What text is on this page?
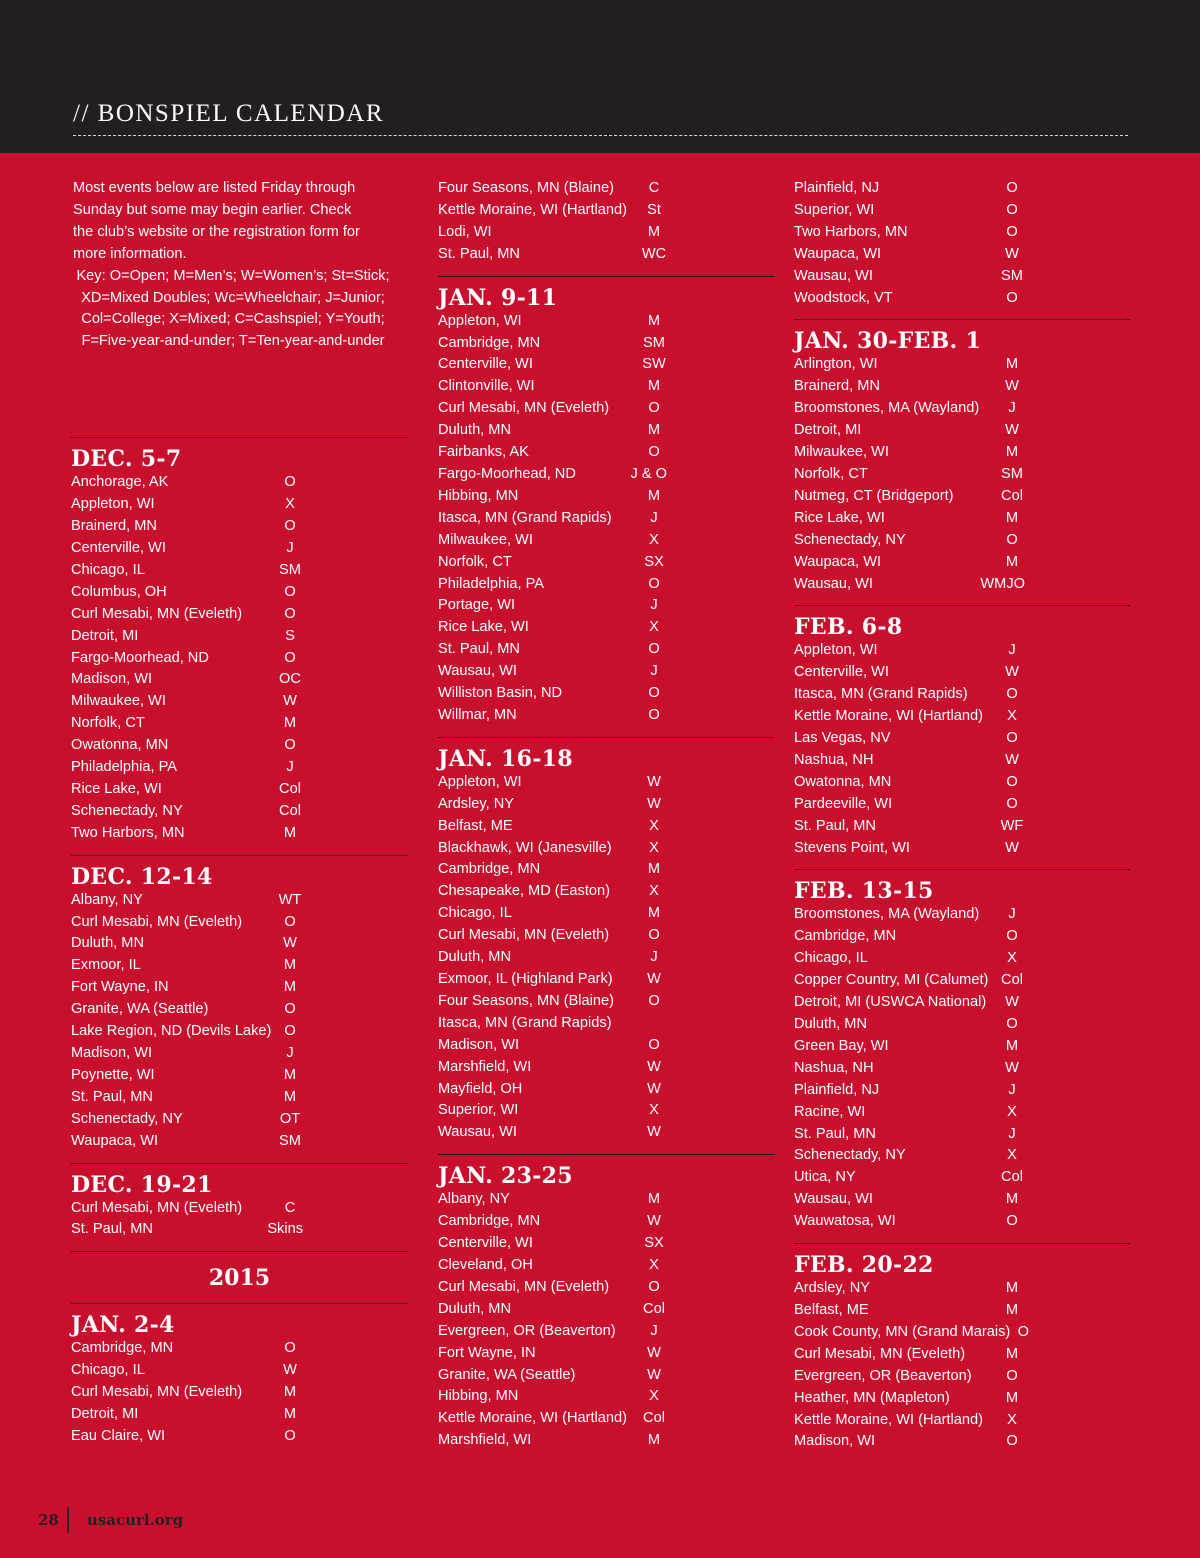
// BONSPIEL CALENDAR

Most events below are listed Friday through Sunday but some may begin earlier. Check the club’s website or the registration form for more information.

Key: O=Open; M=Men’s; W=Women’s; St=Stick; XD=Mixed Doubles; Wc=Wheelchair; J=Junior; Col=College; X=Mixed; C=Cashspiel; Y=Youth; F=Five-year-and-under; T=Ten-year-and-under

DEC. 5-7
Anchorage, AK	O
Appleton, WI	X
Brainerd, MN	O
Centerville, WI	J
Chicago, IL	SM
Columbus, OH	O
Curl Mesabi, MN (Eveleth)	O
Detroit, MI	S
Fargo-Moorhead, ND	O
Madison, WI	OC
Milwaukee, WI	W
Norfolk, CT	M
Owatonna, MN	O
Philadelphia, PA	J
Rice Lake, WI	Col
Schenectady, NY	Col
Two Harbors, MN	M
DEC. 12-14
Albany, NY	WT
Curl Mesabi, MN (Eveleth)	O
Duluth, MN	W
Exmoor, IL	M
Fort Wayne, IN	M
Granite, WA (Seattle)	O
Lake Region, ND (Devils Lake) O
Madison, WI	J
Poynette, WI	M
St. Paul, MN	M
Schenectady, NY	OT
Waupaca, WI	SM
DEC. 19-21
Curl Mesabi, MN (Eveleth)	C
St. Paul, MN	Skins
2015
JAN. 2-4
Cambridge, MN	O
Chicago, IL	W
Curl Mesabi, MN (Eveleth)	M
Detroit, MI	M
Eau Claire, WI	O
Four Seasons, MN (Blaine)	C
Kettle Moraine, WI (Hartland)	St
Lodi, WI	M
St. Paul, MN	WC
JAN. 9-11
Appleton, WI	M
Cambridge, MN	SM
Centerville, WI	SW
Clintonville, WI	M
Curl Mesabi, MN (Eveleth)	O
Duluth, MN	M
Fairbanks, AK	O
Fargo-Moorhead, ND	J & O
Hibbing, MN	M
Itasca, MN (Grand Rapids)	J
Milwaukee, WI	X
Norfolk, CT	SX
Philadelphia, PA	O
Portage, WI	J
Rice Lake, WI	X
St. Paul, MN	O
Wausau, WI	J
Williston Basin, ND	O
Willmar, MN	O
JAN. 16-18
Appleton, WI	W
Ardsley, NY	W
Belfast, ME	X
Blackhawk, WI (Janesville)	X
Cambridge, MN	M
Chesapeake, MD (Easton)	X
Chicago, IL	M
Curl Mesabi, MN (Eveleth)	O
Duluth, MN	J
Exmoor, IL (Highland Park)	W
Four Seasons, MN (Blaine)	O
Itasca, MN (Grand Rapids)
Madison, WI	O
Marshfield, WI	W
Mayfield, OH	W
Superior, WI	X
Wausau, WI	W
JAN. 23-25
Albany, NY	M
Cambridge, MN	W
Centerville, WI	SX
Cleveland, OH	X
Curl Mesabi, MN (Eveleth)	O
Duluth, MN	Col
Evergreen, OR (Beaverton)	J
Fort Wayne, IN	W
Granite, WA (Seattle)	W
Hibbing, MN	X
Kettle Moraine, WI (Hartland)	Col
Marshfield, WI	M
Plainfield, NJ	O
Superior, WI	O
Two Harbors, MN	O
Waupaca, WI	W
Wausau, WI	SM
Woodstock, VT	O
JAN. 30-FEB. 1
Arlington, WI	M
Brainerd, MN	W
Broomstones, MA (Wayland)	J
Detroit, MI	W
Milwaukee, WI	M
Norfolk, CT	SM
Nutmeg, CT (Bridgeport)	Col
Rice Lake, WI	M
Schenectady, NY	O
Waupaca, WI	M
Wausau, WI	WMJO
FEB. 6-8
Appleton, WI	J
Centerville, WI	W
Itasca, MN (Grand Rapids)	O
Kettle Moraine, WI (Hartland)	X
Las Vegas, NV	O
Nashua, NH	W
Owatonna, MN	O
Pardeeville, WI	O
St. Paul, MN	WF
Stevens Point, WI	W
FEB. 13-15
Broomstones, MA (Wayland)	J
Cambridge, MN	O
Chicago, IL	X
Copper Country, MI (Calumet) Col
Detroit, MI (USWCA National)	W
Duluth, MN	O
Green Bay, WI	M
Nashua, NH	W
Plainfield, NJ	J
Racine, WI	X
St. Paul, MN	J
Schenectady, NY	X
Utica, NY	Col
Wausau, WI	M
Wauwatosa, WI	O
FEB. 20-22
Ardsley, NY	M
Belfast, ME	M
Cook County, MN (Grand Marais) O
Curl Mesabi, MN (Eveleth)	M
Evergreen, OR (Beaverton)	O
Heather, MN (Mapleton)	M
Kettle Moraine, WI (Hartland)	X
Madison, WI	O
28 usacurl.org
